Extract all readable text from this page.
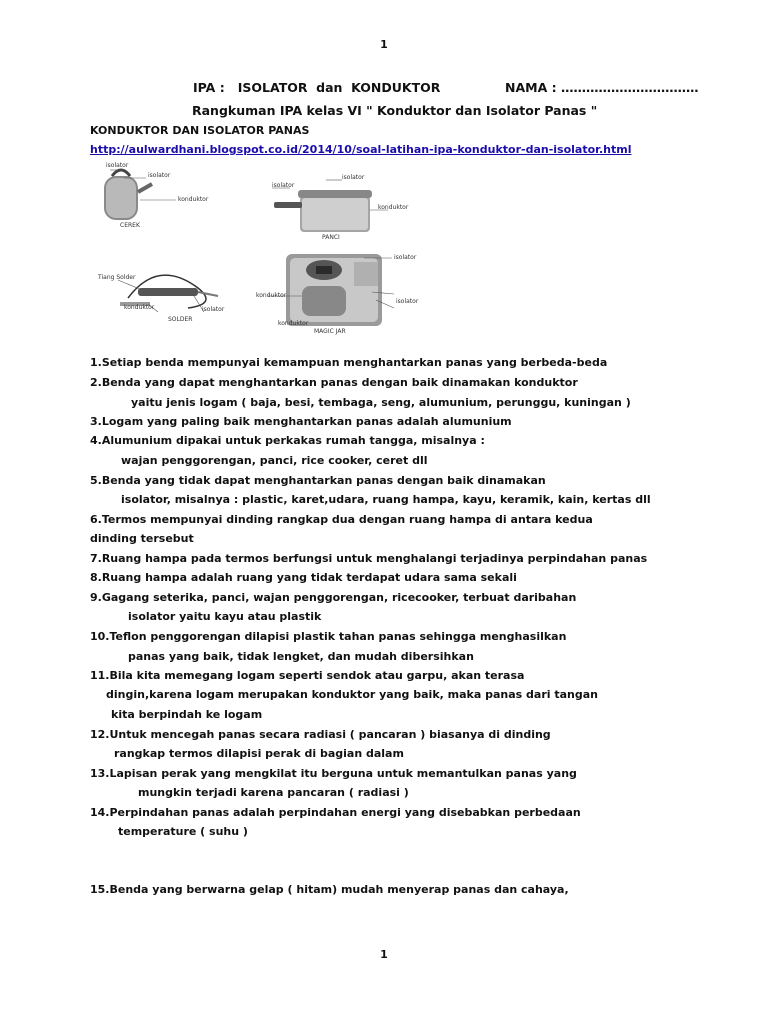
1
1
IPA :   ISOLATOR  dan  KONDUKTOR	NAMA : ……………………………
Rangkuman IPA kelas VI " Konduktor dan Isolator Panas "
KONDUKTOR DAN ISOLATOR PANAS
http://aulwardhani.blogspot.co.id/2014/10/soal-latihan-ipa-konduktor-dan-isolator.html
isolator
isolator
konduktor
CEREK
isolator
isolator
konduktor
PANCI
Tiang Solder
konduktor	isolator
SOLDER
konduktor
konduktor
isolator
isolator
MAGIC JAR
1.Setiap benda mempunyai kemampuan menghantarkan panas yang berbeda-beda
2.Benda yang dapat menghantarkan panas dengan baik dinamakan konduktor
yaitu jenis logam ( baja, besi, tembaga, seng, alumunium, perunggu, kuningan )
3.Logam yang paling baik menghantarkan panas adalah alumunium
4.Alumunium dipakai untuk perkakas rumah tangga, misalnya :
wajan penggorengan, panci, rice cooker, ceret dll
5.Benda yang tidak dapat menghantarkan panas dengan baik dinamakan
isolator, misalnya : plastic, karet,udara, ruang hampa, kayu, keramik, kain, kertas dll
6.Termos mempunyai dinding rangkap dua dengan ruang hampa di antara kedua
dinding tersebut
7.Ruang hampa pada termos berfungsi untuk menghalangi terjadinya perpindahan panas
8.Ruang hampa adalah ruang yang tidak terdapat udara sama sekali
9.Gagang seterika, panci, wajan penggorengan, ricecooker, terbuat daribahan
isolator yaitu kayu atau plastik
10.Teflon penggorengan dilapisi plastik tahan panas sehingga menghasilkan
panas yang baik, tidak lengket, dan mudah dibersihkan
11.Bila kita memegang logam seperti sendok atau garpu, akan terasa
dingin,karena logam merupakan konduktor yang baik, maka panas dari tangan
kita berpindah ke logam
12.Untuk mencegah panas secara radiasi ( pancaran ) biasanya di dinding
rangkap termos dilapisi perak di bagian dalam
13.Lapisan perak yang mengkilat itu berguna untuk memantulkan panas yang
mungkin terjadi karena pancaran ( radiasi )
14.Perpindahan panas adalah perpindahan energi yang disebabkan perbedaan
temperature ( suhu )
15.Benda yang berwarna gelap ( hitam) mudah menyerap panas dan cahaya,
